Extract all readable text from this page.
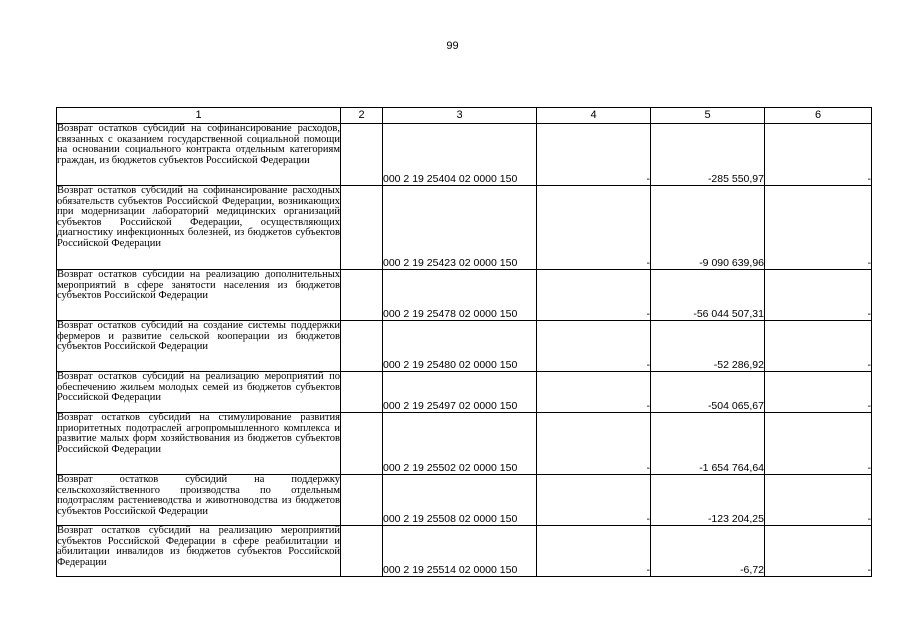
99
1	2	3	4	5	6
Возврат остатков субсидий на софинансирование расходов, связанных с оказанием государственной социальной помощи на основании социального контракта отдельным категориям граждан, из бюджетов субъектов Российской Федерации		000 2 19 25404 02 0000 150	-	-285 550,97	-
Возврат остатков субсидий на софинансирование расходных обязательств субъектов Российской Федерации, возникающих при модернизации лабораторий медицинских организаций субъектов Российской Федерации, осуществляющих диагностику инфекционных болезней, из бюджетов субъектов Российской Федерации		000 2 19 25423 02 0000 150	-	-9 090 639,96	-
Возврат остатков субсидии на реализацию дополнительных мероприятий в сфере занятости населения из бюджетов субъектов Российской Федерации		000 2 19 25478 02 0000 150	-	-56 044 507,31	-
Возврат остатков субсидий на создание системы поддержки фермеров и развитие сельской кооперации из бюджетов субъектов Российской Федерации		000 2 19 25480 02 0000 150	-	-52 286,92	-
Возврат остатков субсидий на реализацию мероприятий по обеспечению жильем молодых семей из бюджетов субъектов Российской Федерации		000 2 19 25497 02 0000 150	-	-504 065,67	-
Возврат остатков субсидий на стимулирование развития приоритетных подотраслей агропромышленного комплекса и развитие малых форм хозяйствования из бюджетов субъектов Российской Федерации		000 2 19 25502 02 0000 150	-	-1 654 764,64	-
Возврат остатков субсидий на поддержку сельскохозяйственного производства по отдельным подотраслям растениеводства и животноводства из бюджетов субъектов Российской Федерации		000 2 19 25508 02 0000 150	-	-123 204,25	-
Возврат остатков субсидий на реализацию мероприятий субъектов Российской Федерации в сфере реабилитации и абилитации инвалидов из бюджетов субъектов Российской Федерации		000 2 19 25514 02 0000 150	-	-6,72	-
